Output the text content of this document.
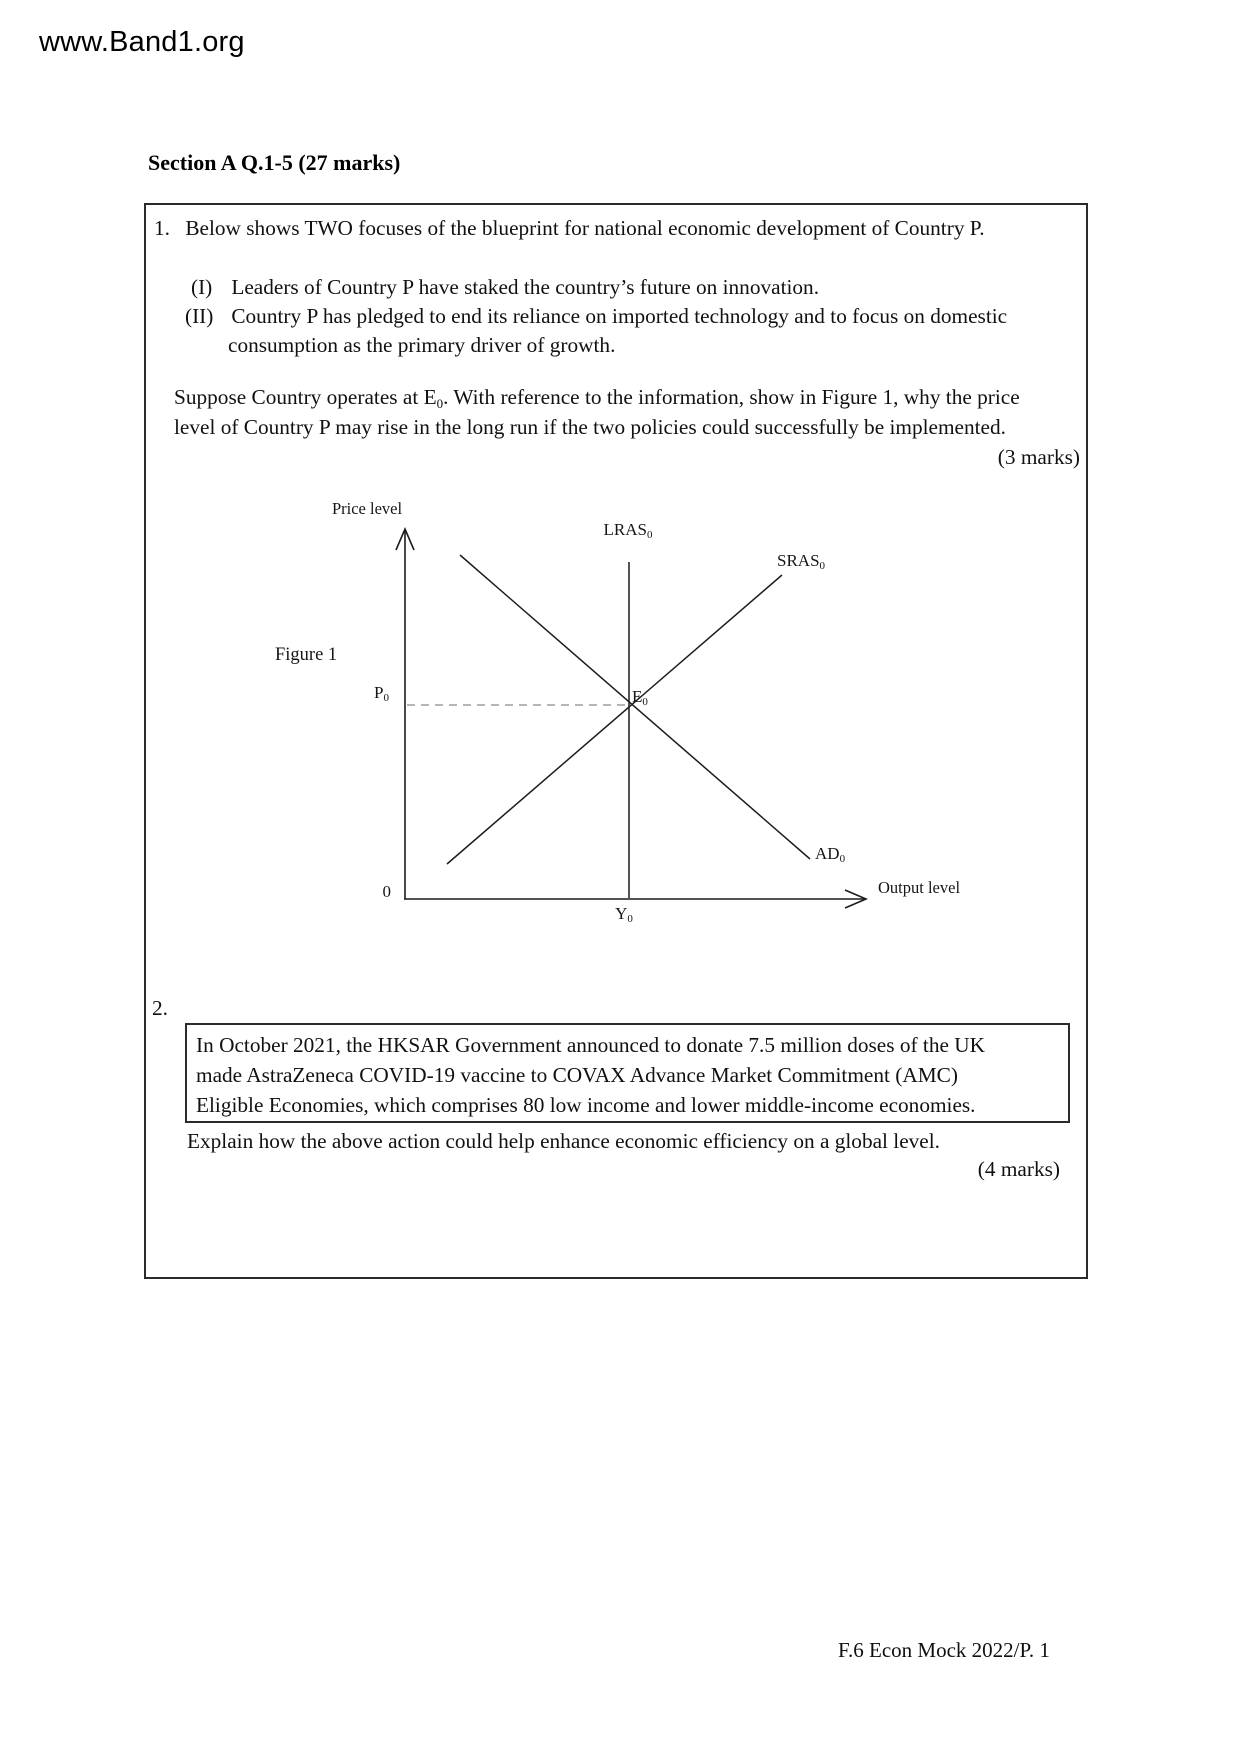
www.Band1.org
Section A Q.1-5 (27 marks)
1. Below shows TWO focuses of the blueprint for national economic development of Country P.
(I) Leaders of Country P have staked the country’s future on innovation.
(II) Country P has pledged to end its reliance on imported technology and to focus on domestic
consumption as the primary driver of growth.
Suppose Country operates at E0. With reference to the information, show in Figure 1, why the price
level of Country P may rise in the long run if the two policies could successfully be implemented.
(3 marks)
Price level
Output level
Figure 1
LRAS0
SRAS0
AD0
E0
P0
Y0
0
2.
In October 2021, the HKSAR Government announced to donate 7.5 million doses of the UK
made AstraZeneca COVID-19 vaccine to COVAX Advance Market Commitment (AMC)
Eligible Economies, which comprises 80 low income and lower middle-income economies.
Explain how the above action could help enhance economic efficiency on a global level.
(4 marks)
F.6 Econ Mock 2022/P. 1
